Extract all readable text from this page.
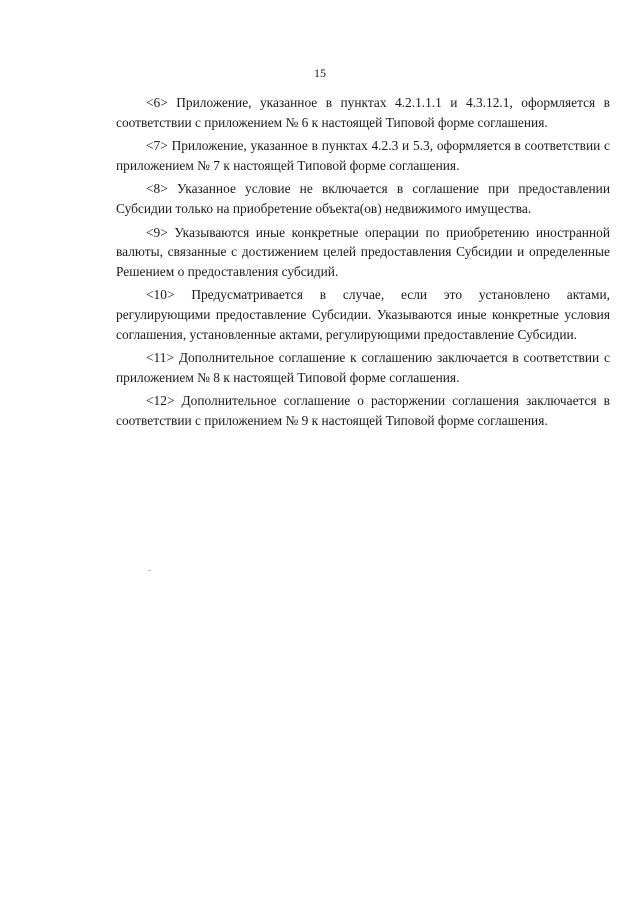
15

<6> Приложение, указанное в пунктах 4.2.1.1.1 и 4.3.12.1, оформляется в соответствии с приложением № 6 к настоящей Типовой форме соглашения.

<7> Приложение, указанное в пунктах 4.2.3 и 5.3, оформляется в соответствии с приложением № 7 к настоящей Типовой форме соглашения.

<8> Указанное условие не включается в соглашение при предоставлении Субсидии только на приобретение объекта(ов) недвижимого имущества.

<9> Указываются иные конкретные операции по приобретению иностранной валюты, связанные с достижением целей предоставления Субсидии и определенные Решением о предоставления субсидий.

<10> Предусматривается в случае, если это установлено актами, регулирующими предоставление Субсидии. Указываются иные конкретные условия соглашения, установленные актами, регулирующими предоставление Субсидии.

<11> Дополнительное соглашение к соглашению заключается в соответствии с приложением № 8 к настоящей Типовой форме соглашения.

<12> Дополнительное соглашение о расторжении соглашения заключается в соответствии с приложением № 9 к настоящей Типовой форме соглашения.
